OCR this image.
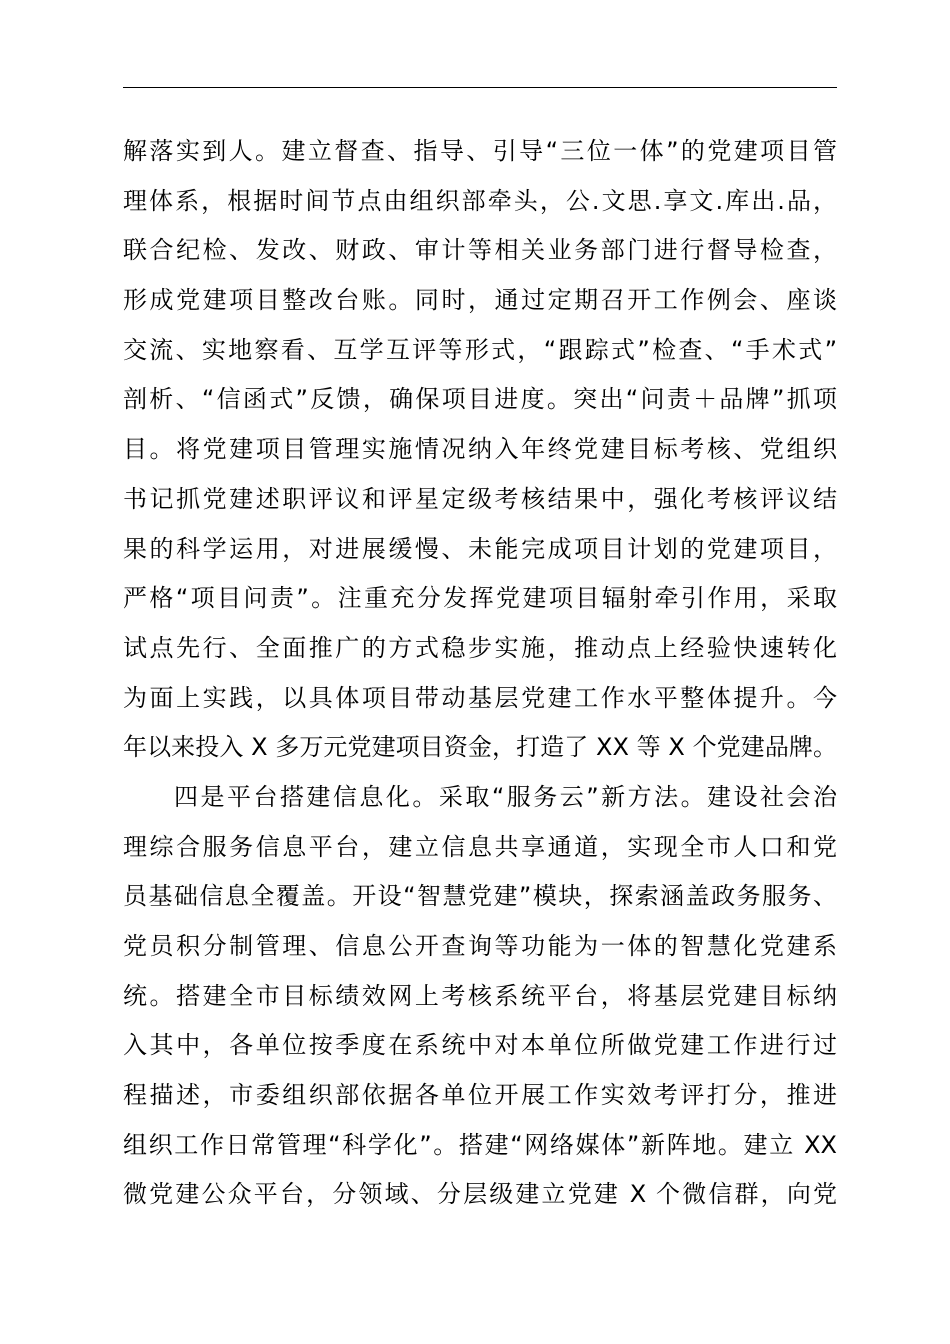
解落实到人。建立督查、指导、引导“三位一体”的党建项目管
理体系，根据时间节点由组织部牵头，公.文思.享文.库出.品，
联合纪检、发改、财政、审计等相关业务部门进行督导检查，
形成党建项目整改台账。同时，通过定期召开工作例会、座谈
交流、实地察看、互学互评等形式，“跟踪式”检查、“手术式”
剖析、“信函式”反馈，确保项目进度。突出“问责＋品牌”抓项
目。将党建项目管理实施情况纳入年终党建目标考核、党组织
书记抓党建述职评议和评星定级考核结果中，强化考核评议结
果的科学运用，对进展缓慢、未能完成项目计划的党建项目，
严格“项目问责”。注重充分发挥党建项目辐射牵引作用，采取
试点先行、全面推广的方式稳步实施，推动点上经验快速转化
为面上实践，以具体项目带动基层党建工作水平整体提升。今
年以来投入 X 多万元党建项目资金，打造了 XX 等 X 个党建品牌。
四是平台搭建信息化。采取“服务云”新方法。建设社会治
理综合服务信息平台，建立信息共享通道，实现全市人口和党
员基础信息全覆盖。开设“智慧党建”模块，探索涵盖政务服务、
党员积分制管理、信息公开查询等功能为一体的智慧化党建系
统。搭建全市目标绩效网上考核系统平台，将基层党建目标纳
入其中，各单位按季度在系统中对本单位所做党建工作进行过
程描述，市委组织部依据各单位开展工作实效考评打分，推进
组织工作日常管理“科学化”。搭建“网络媒体”新阵地。建立 XX
微党建公众平台，分领域、分层级建立党建 X 个微信群，向党
